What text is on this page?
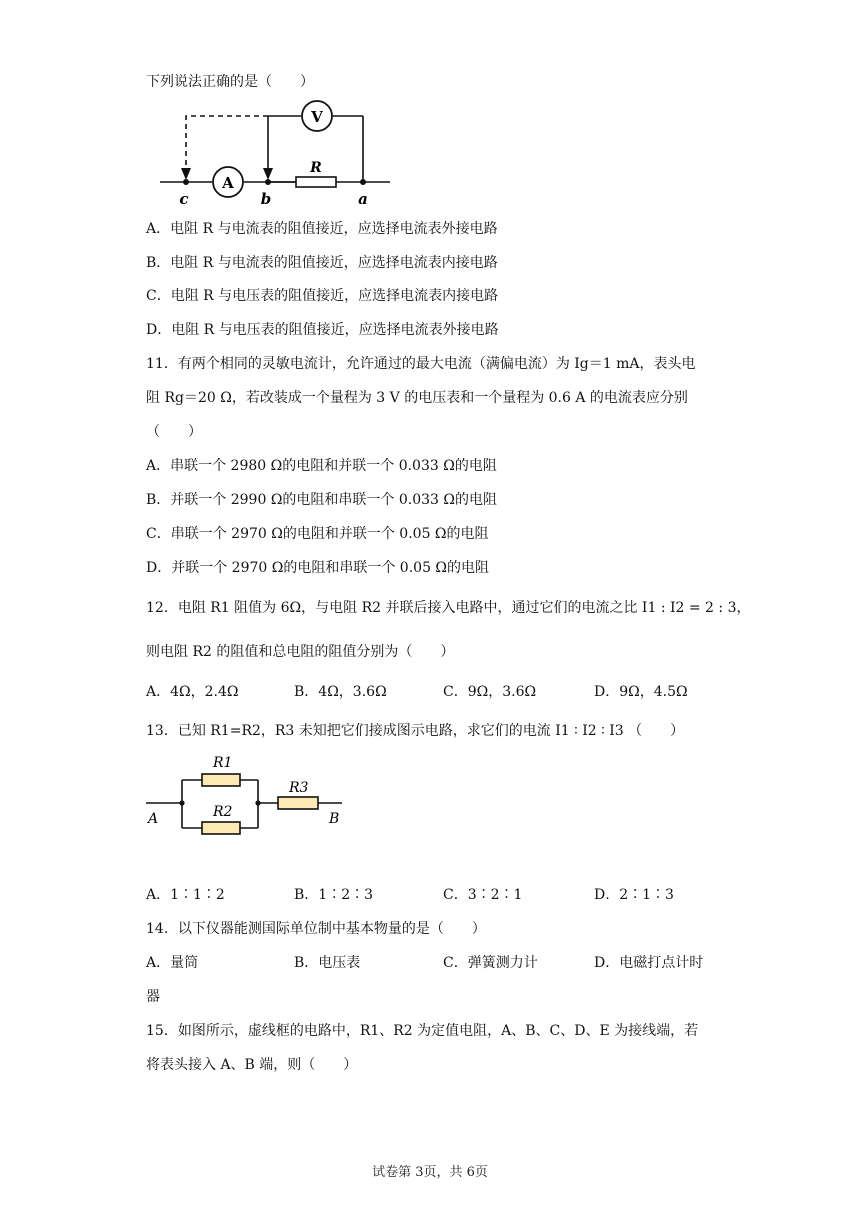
下列说法正确的是（　　）
A
V
c	b
R
a
A．电阻 R 与电流表的阻值接近，应选择电流表外接电路
B．电阻 R 与电流表的阻值接近，应选择电流表内接电路
C．电阻 R 与电压表的阻值接近，应选择电流表内接电路
D．电阻 R 与电压表的阻值接近，应选择电流表外接电路
11．有两个相同的灵敏电流计，允许通过的最大电流（满偏电流）为 Ig＝1 mA，表头电
阻 Rg＝20 Ω，若改装成一个量程为 3 V 的电压表和一个量程为 0.6 A 的电流表应分别
（　　）
A．串联一个 2980 Ω的电阻和并联一个 0.033 Ω的电阻
B．并联一个 2990 Ω的电阻和串联一个 0.033 Ω的电阻
C．串联一个 2970 Ω的电阻和并联一个 0.05 Ω的电阻
D．并联一个 2970 Ω的电阻和串联一个 0.05 Ω的电阻
12．电阻 R1 阻值为 6Ω，与电阻 R2 并联后接入电路中，通过它们的电流之比 I1 : I2 = 2 : 3，
则电阻 R2 的阻值和总电阻的阻值分别为（　　）
A．4Ω，2.4Ω	B．4Ω，3.6Ω	C．9Ω，3.6Ω	D．9Ω，4.5Ω
13．已知 R1=R2，R3 未知把它们接成图示电路，求它们的电流 I1 ∶ I2 ∶ I3 （　　）
R1
R2
R3
A	B
A．1∶1∶2	B．1∶2∶3	C．3∶2∶1	D．2∶1∶3
14．以下仪器能测国际单位制中基本物量的是（　　）
A．量筒	B．电压表	C．弹簧测力计	D．电磁打点计时
器
15．如图所示，虚线框的电路中，R1、R2 为定值电阻，A、B、C、D、E 为接线端，若
将表头接入 A、B 端，则（　　）
试卷第 3页，共 6页
